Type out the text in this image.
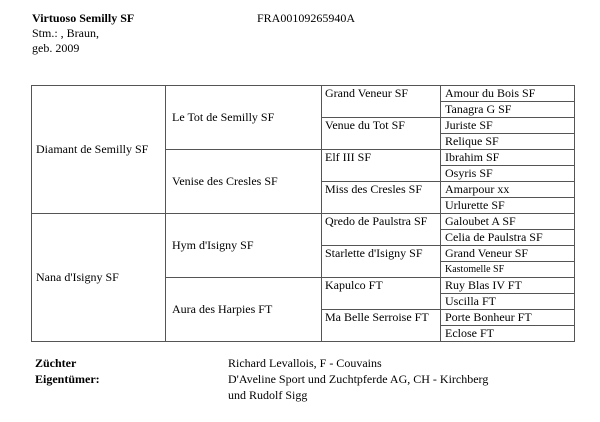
Virtuoso Semilly SF	FRA00109265940A
Stm.: , Braun,
geb. 2009
Diamant de Semilly SF	Le Tot de Semilly SF	Grand Veneur SF	Amour du Bois SF
			Tanagra G SF
		Venue du Tot SF	Juriste SF
			Relique SF
	Venise des Cresles SF	Elf III SF	Ibrahim SF
			Osyris SF
		Miss des Cresles SF	Amarpour xx
			Urlurette SF
Nana d'Isigny SF	Hym d'Isigny SF	Qredo de Paulstra SF	Galoubet A SF
			Celia de Paulstra SF
		Starlette d'Isigny SF	Grand Veneur SF
			Kastomelle SF
	Aura des Harpies FT	Kapulco FT	Ruy Blas IV FT
			Uscilla FT
		Ma Belle Serroise FT	Porte Bonheur FT
			Eclose FT
Züchter	Richard Levallois, F - Couvains
Eigentümer:	D'Aveline Sport und Zuchtpferde AG, CH - Kirchberg
und Rudolf Sigg
